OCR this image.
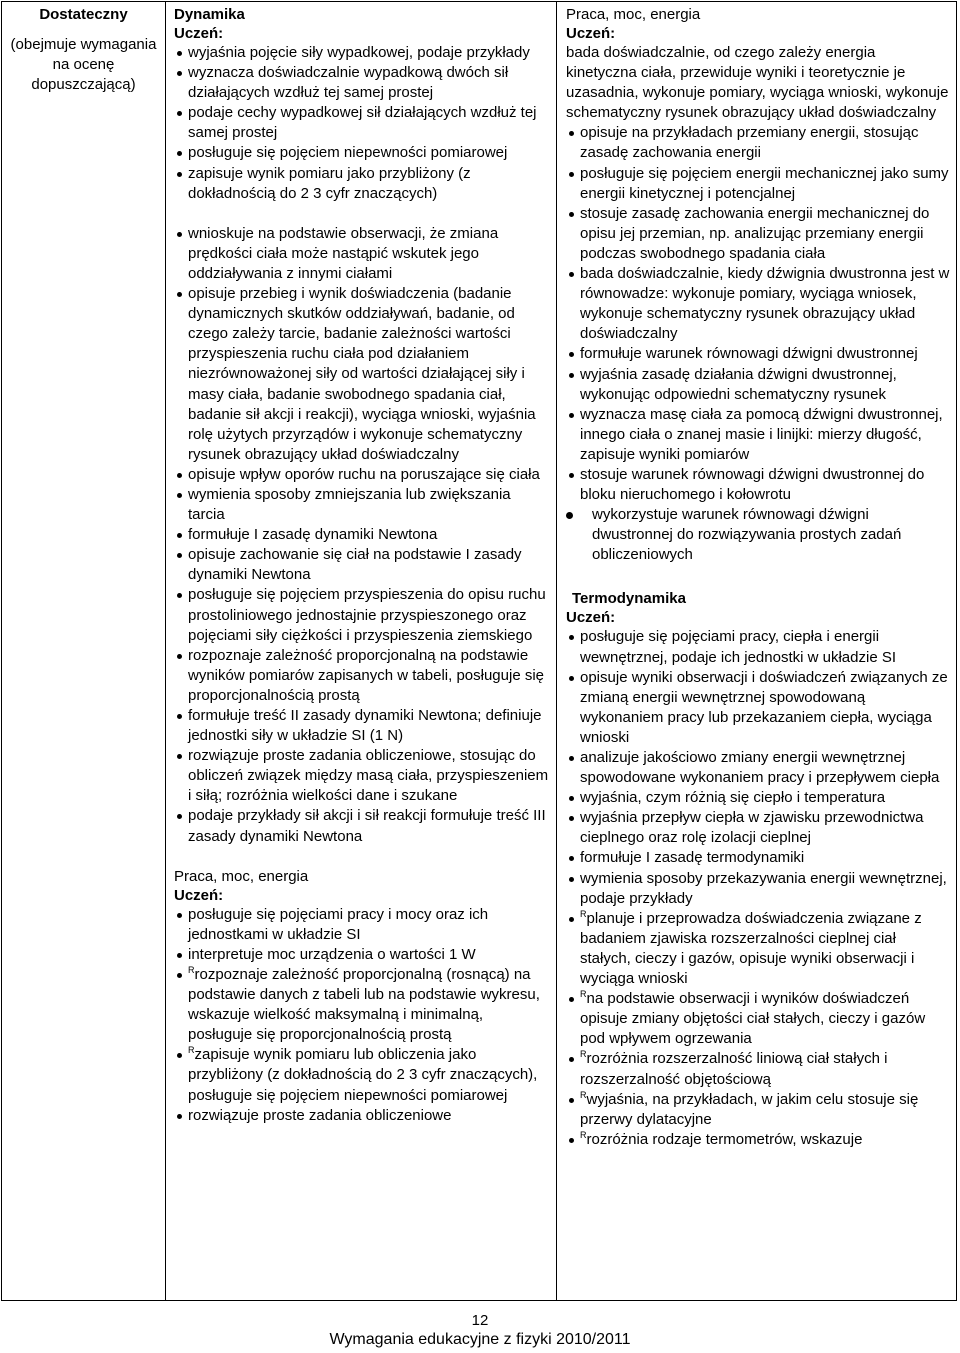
Dostateczny
(obejmuje wymagania na ocenę dopuszczającą)
Dynamika
Uczeń:
wyjaśnia pojęcie siły wypadkowej, podaje przykłady
wyznacza doświadczalnie wypadkową dwóch sił działających wzdłuż tej samej prostej
podaje cechy wypadkowej sił działających wzdłuż tej samej prostej
posługuje się pojęciem niepewności pomiarowej
zapisuje wynik pomiaru jako przybliżony (z dokładnością do 2 3 cyfr znaczących)
wnioskuje na podstawie obserwacji, że zmiana prędkości ciała może nastąpić wskutek jego oddziaływania z innymi ciałami
opisuje przebieg i wynik doświadczenia (badanie dynamicznych skutków oddziaływań, badanie, od czego zależy tarcie, badanie zależności wartości przyspieszenia ruchu ciała pod działaniem niezrównoważonej siły od wartości działającej siły i masy ciała, badanie swobodnego spadania ciał, badanie sił akcji i reakcji), wyciąga wnioski, wyjaśnia rolę użytych przyrządów i wykonuje schematyczny rysunek obrazujący układ doświadczalny
opisuje wpływ oporów ruchu na poruszające się ciała
wymienia sposoby zmniejszania lub zwiększania tarcia
formułuje I zasadę dynamiki Newtona
opisuje zachowanie się ciał na podstawie I zasady dynamiki Newtona
posługuje się pojęciem przyspieszenia do opisu ruchu prostoliniowego jednostajnie przyspieszonego oraz pojęciami siły ciężkości i przyspieszenia ziemskiego
rozpoznaje zależność proporcjonalną na podstawie wyników pomiarów zapisanych w tabeli, posługuje się proporcjonalnością prostą
formułuje treść II zasady dynamiki Newtona; definiuje jednostki siły w układzie SI (1 N)
rozwiązuje proste zadania obliczeniowe, stosując do obliczeń związek między masą ciała, przyspieszeniem i siłą; rozróżnia wielkości dane i szukane
podaje przykłady sił akcji i sił reakcji formułuje treść III zasady dynamiki Newtona
Praca, moc, energia
Uczeń:
posługuje się pojęciami pracy i mocy oraz ich jednostkami w układzie SI
interpretuje moc urządzenia o wartości 1 W
$^R$rozpoznaje zależność proporcjonalną (rosnącą) na podstawie danych z tabeli lub na podstawie wykresu, wskazuje wielkość maksymalną i minimalną, posługuje się proporcjonalnością prostą
$^R$zapisuje wynik pomiaru lub obliczenia jako przybliżony (z dokładnością do 2 3 cyfr znaczących), posługuje się pojęciem niepewności pomiarowej
rozwiązuje proste zadania obliczeniowe
Praca, moc, energia
Uczeń:
bada doświadczalnie, od czego zależy energia kinetyczna ciała, przewiduje wyniki i teoretycznie je uzasadnia, wykonuje pomiary, wyciąga wnioski, wykonuje schematyczny rysunek obrazujący układ doświadczalny
opisuje na przykładach przemiany energii, stosując zasadę zachowania energii
posługuje się pojęciem energii mechanicznej jako sumy energii kinetycznej i potencjalnej
stosuje zasadę zachowania energii mechanicznej do opisu jej przemian, np. analizując przemiany energii podczas swobodnego spadania ciała
bada doświadczalnie, kiedy dźwignia dwustronna jest w równowadze: wykonuje pomiary, wyciąga wniosek, wykonuje schematyczny rysunek obrazujący układ doświadczalny
formułuje warunek równowagi dźwigni dwustronnej
wyjaśnia zasadę działania dźwigni dwustronnej, wykonując odpowiedni schematyczny rysunek
wyznacza masę ciała za pomocą dźwigni dwustronnej, innego ciała o znanej masie i linijki: mierzy długość, zapisuje wyniki pomiarów
stosuje warunek równowagi dźwigni dwustronnej do bloku nieruchomego i kołowrotu
wykorzystuje warunek równowagi dźwigni dwustronnej do rozwiązywania prostych zadań obliczeniowych
Termodynamika
Uczeń:
posługuje się pojęciami pracy, ciepła i energii wewnętrznej, podaje ich jednostki w układzie SI
opisuje wyniki obserwacji i doświadczeń związanych ze zmianą energii wewnętrznej spowodowaną wykonaniem pracy lub przekazaniem ciepła, wyciąga wnioski
analizuje jakościowo zmiany energii wewnętrznej spowodowane wykonaniem pracy i przepływem ciepła
wyjaśnia, czym różnią się ciepło i temperatura
wyjaśnia przepływ ciepła w zjawisku przewodnictwa cieplnego oraz rolę izolacji cieplnej
formułuje I zasadę termodynamiki
wymienia sposoby przekazywania energii wewnętrznej, podaje przykłady
$^R$planuje i przeprowadza doświadczenia związane z badaniem zjawiska rozszerzalności cieplnej ciał stałych, cieczy i gazów, opisuje wyniki obserwacji i wyciąga wnioski
$^R$na podstawie obserwacji i wyników doświadczeń opisuje zmiany objętości ciał stałych, cieczy i gazów pod wpływem ogrzewania
$^R$rozróżnia rozszerzalność liniową ciał stałych i rozszerzalność objętościową
$^R$wyjaśnia, na przykładach, w jakim celu stosuje się przerwy dylatacyjne
$^R$rozróżnia rodzaje termometrów, wskazuje
12
Wymagania edukacyjne z fizyki 2010/2011
